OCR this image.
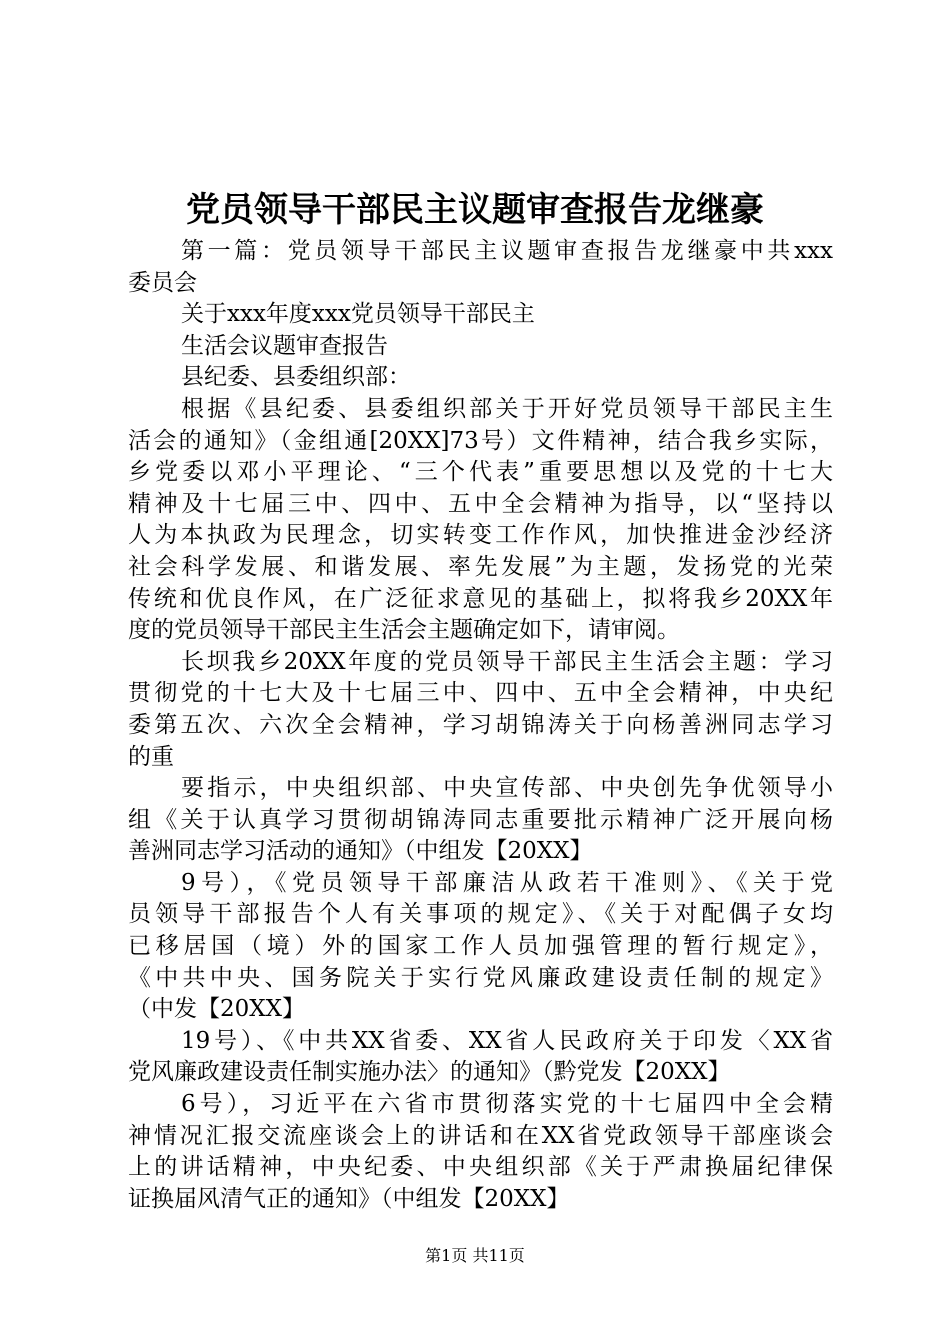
党员领导干部民主议题审查报告龙继豪
第一篇：党员领导干部民主议题审查报告龙继豪中共xxx
委员会
关于xxx年度xxx党员领导干部民主
生活会议题审查报告
县纪委、县委组织部：
根据《县纪委、县委组织部关于开好党员领导干部民主生
活会的通知》（金组通[20XX]73号）文件精神，结合我乡实际，
乡党委以邓小平理论、“三个代表”重要思想以及党的十七大
精神及十七届三中、四中、五中全会精神为指导，以“坚持以
人为本执政为民理念，切实转变工作作风，加快推进金沙经济
社会科学发展、和谐发展、率先发展”为主题，发扬党的光荣
传统和优良作风，在广泛征求意见的基础上，拟将我乡20XX年
度的党员领导干部民主生活会主题确定如下，请审阅。
长坝我乡20XX年度的党员领导干部民主生活会主题：学习
贯彻党的十七大及十七届三中、四中、五中全会精神，中央纪
委第五次、六次全会精神，学习胡锦涛关于向杨善洲同志学习
的重
要指示，中央组织部、中央宣传部、中央创先争优领导小
组《关于认真学习贯彻胡锦涛同志重要批示精神广泛开展向杨
善洲同志学习活动的通知》（中组发【20XX】
9号），《党员领导干部廉洁从政若干准则》、《关于党
员领导干部报告个人有关事项的规定》、《关于对配偶子女均
已移居国（境）外的国家工作人员加强管理的暂行规定》，
《中共中央、国务院关于实行党风廉政建设责任制的规定》
（中发【20XX】
19号）、《中共XX省委、XX省人民政府关于印发〈XX省
党风廉政建设责任制实施办法〉的通知》（黔党发【20XX】
6号），习近平在六省市贯彻落实党的十七届四中全会精
神情况汇报交流座谈会上的讲话和在XX省党政领导干部座谈会
上的讲话精神，中央纪委、中央组织部《关于严肃换届纪律保
证换届风清气正的通知》（中组发【20XX】
第1页 共11页
